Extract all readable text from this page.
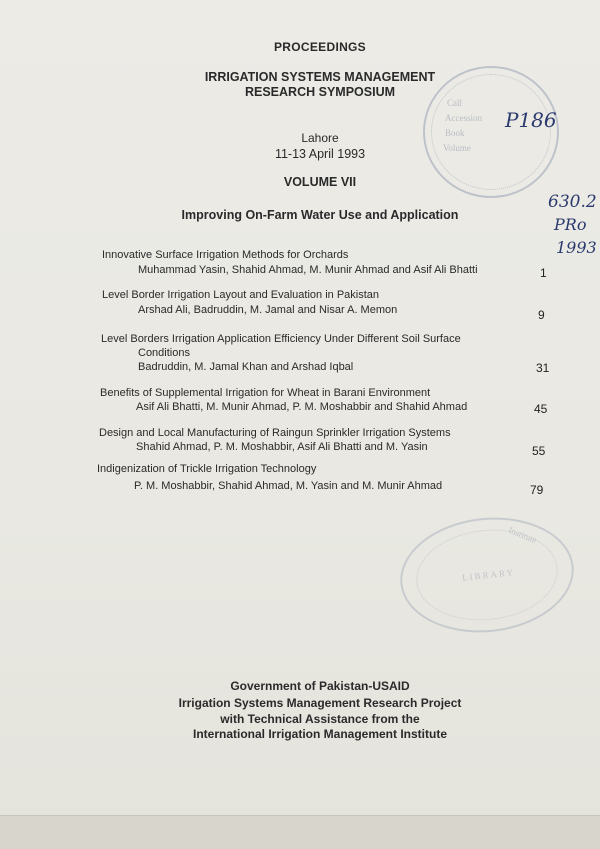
PROCEEDINGS
IRRIGATION SYSTEMS MANAGEMENT
RESEARCH SYMPOSIUM
Lahore
11-13 April 1993
VOLUME VII
Improving On-Farm Water Use and Application
Innovative Surface Irrigation Methods for Orchards
Muhammad Yasin, Shahid Ahmad, M. Munir Ahmad and Asif Ali Bhatti	1
Level Border Irrigation Layout and Evaluation in Pakistan
Arshad Ali, Badruddin, M. Jamal and Nisar A. Memon	9
Level Borders Irrigation Application Efficiency Under Different Soil Surface
Conditions
Badruddin, M. Jamal Khan and Arshad Iqbal	31
Benefits of Supplemental Irrigation for Wheat in Barani Environment
Asif Ali Bhatti, M. Munir Ahmad, P. M. Moshabbir and Shahid Ahmad	45
Design and Local Manufacturing of Raingun Sprinkler Irrigation Systems
Shahid Ahmad, P. M. Moshabbir, Asif Ali Bhatti and M. Yasin	55
Indigenization of Trickle Irrigation Technology
P. M. Moshabbir, Shahid Ahmad, M. Yasin and M. Munir Ahmad	79
Government of Pakistan-USAID
Irrigation Systems Management Research Project
with Technical Assistance from the
International Irrigation Management Institute
Call
Accession
Book
Volume
P186
630.2
PRo
1993
Institute
LIBRARY
